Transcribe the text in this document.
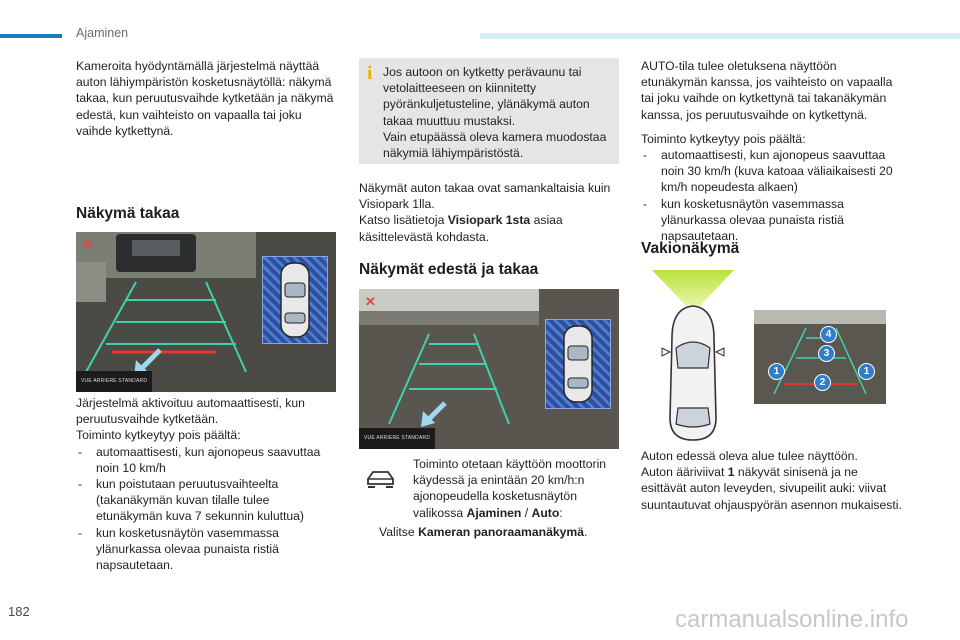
Ajaminen
Kameroita hyödyntämällä järjestelmä näyttää auton lähiympäristön kosketusnäytöllä: näkymä takaa, kun peruutusvaihde kytketään ja näkymä edestä, kun vaihteisto on vapaalla tai joku vaihde kytkettynä.
Näkymä takaa
✕
VUE ARRIERE STANDARD
Järjestelmä aktivoituu automaattisesti, kun peruutusvaihde kytketään.
Toiminto kytkeytyy pois päältä:
- automaattisesti, kun ajonopeus saavuttaa noin 10 km/h
- kun poistutaan peruutusvaihteelta (takanäkymän kuvan tilalle tulee etunäkymän kuva 7 sekunnin kuluttua)
- kun kosketusnäytön vasemmassa ylänurkassa olevaa punaista ristiä napsautetaan.
i Jos autoon on kytketty perävaunu tai vetolaitteeseen on kiinnitetty pyöränkuljetusteline, ylänäkymä auton takaa muuttuu mustaksi.
Vain etupäässä oleva kamera muodostaa näkymiä lähiympäristöstä.
Näkymät auton takaa ovat samankaltaisia kuin Visiopark 1lla.
Katso lisätietoja Visiopark 1sta asiaa käsittelevästä kohdasta.
Näkymät edestä ja takaa
✕
VUE ARRIERE STANDARD
Toiminto otetaan käyttöön moottorin käydessä ja enintään 20 km/h:n ajonopeudella kosketusnäytön valikossa Ajaminen / Auto:
Valitse Kameran panoraamanäkymä.

AUTO-tila tulee oletuksena näyttöön etunäkymän kanssa, jos vaihteisto on vapaalla tai joku vaihde on kytkettynä tai takanäkymän kanssa, jos peruutusvaihde on kytkettynä.

Toiminto kytkeytyy pois päältä:
- automaattisesti, kun ajonopeus saavuttaa noin 30 km/h (kuva katoaa väliaikaisesti 20 km/h nopeudesta alkaen)
- kun kosketusnäytön vasemmassa ylänurkassa olevaa punaista ristiä napsautetaan.
Vakionäkymä
4
3
1
2
1
Auton edessä oleva alue tulee näyttöön.
Auton ääriviivat 1 näkyvät sinisenä ja ne esittävät auton leveyden, sivupeilit auki: viivat suuntautuvat ohjauspyörän asennon mukaisesti.
182	carmanualsonline.info
